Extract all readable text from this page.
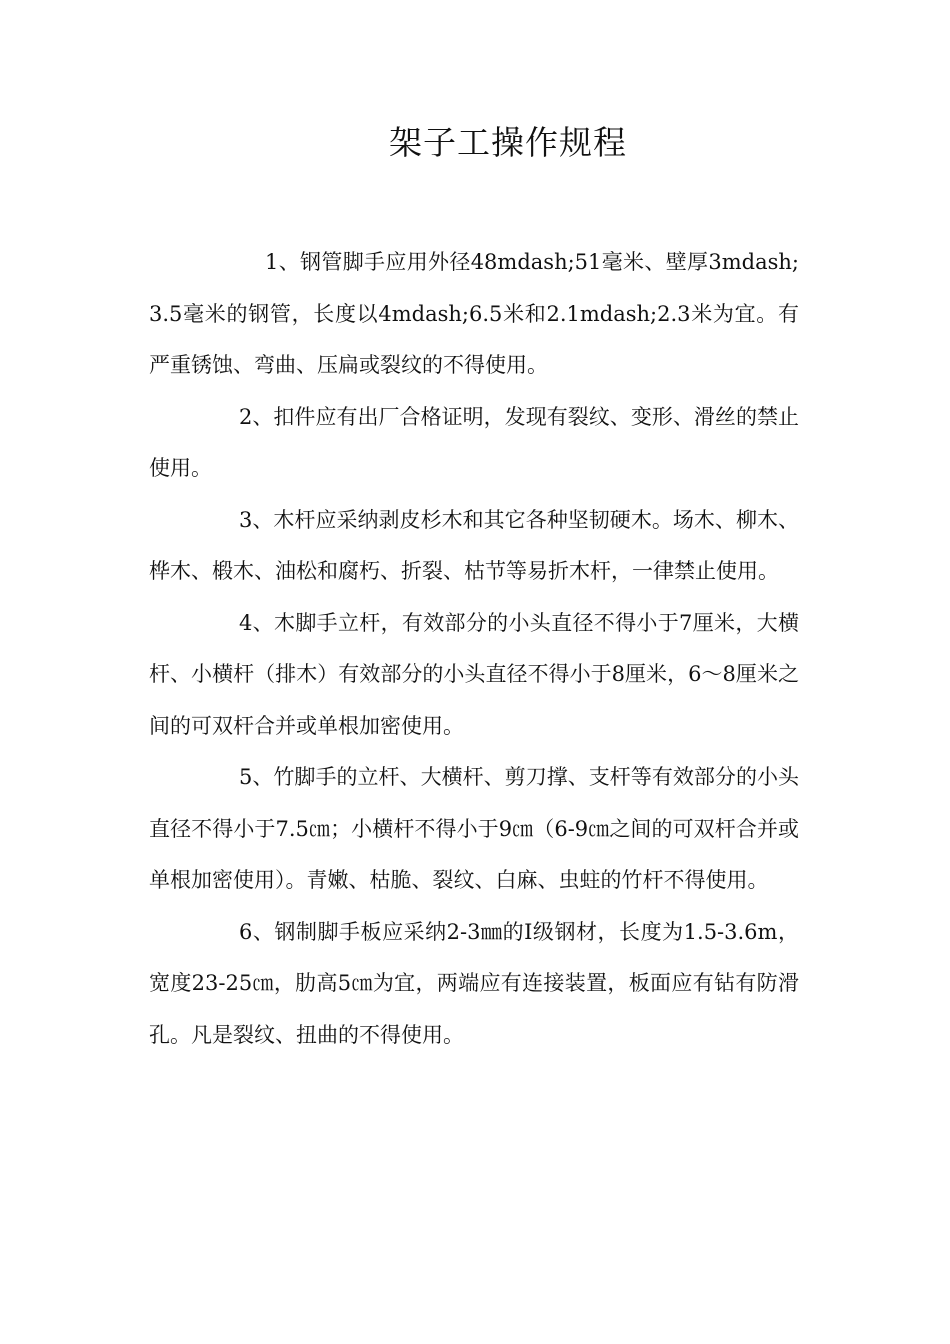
架子工操作规程

1、钢管脚手应用外径48mdash;51毫米、壁厚3mdash;3.5毫米的钢管，长度以4mdash;6.5米和2.1mdash;2.3米为宜。有严重锈蚀、弯曲、压扁或裂纹的不得使用。

2、扣件应有出厂合格证明，发现有裂纹、变形、滑丝的禁止使用。

3、木杆应采纳剥皮杉木和其它各种坚韧硬木。场木、柳木、桦木、椴木、油松和腐朽、折裂、枯节等易折木杆，一律禁止使用。

4、木脚手立杆，有效部分的小头直径不得小于7厘米，大横杆、小横杆（排木）有效部分的小头直径不得小于8厘米，6～8厘米之间的可双杆合并或单根加密使用。

5、竹脚手的立杆、大横杆、剪刀撑、支杆等有效部分的小头直径不得小于7.5㎝；小横杆不得小于9㎝（6-9㎝之间的可双杆合并或单根加密使用）。青嫩、枯脆、裂纹、白麻、虫蛀的竹杆不得使用。

6、钢制脚手板应采纳2-3㎜的Ⅰ级钢材，长度为1.5-3.6m，宽度23-25㎝，肋高5㎝为宜，两端应有连接装置，板面应有钻有防滑孔。凡是裂纹、扭曲的不得使用。
